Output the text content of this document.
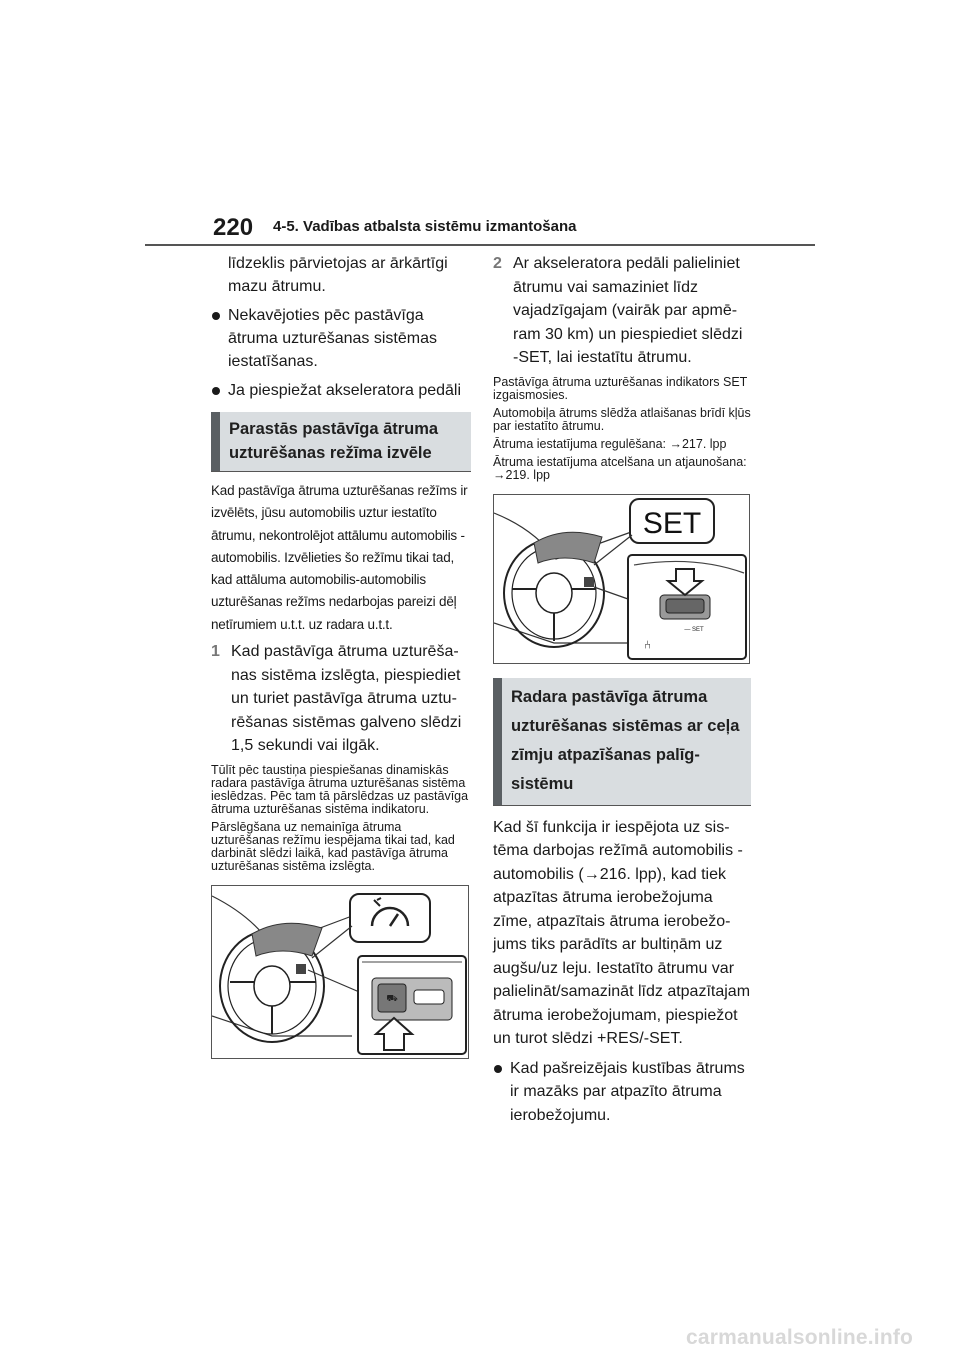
220 4-5. Vadības atbalsta sistēmu izmantošana

līdzeklis pārvietojas ar ārkārtīgi mazu ātrumu.

Nekavējoties pēc pastāvīga ātruma uzturēšanas sistēmas iestatīšanas.
Ja piespiežat akseleratora pedāli
Parastās pastāvīga ātruma uzturēšanas režīma izvēle

Kad pastāvīga ātruma uzturēšanas režīms ir izvēlēts, jūsu automobilis uztur iestatīto ātrumu, nekontrolējot attālumu automobilis - automobilis. Izvēlieties šo režīmu tikai tad, kad attāluma automobilis-automobilis uzturēšanas režīms nedarbojas pareizi dēļ netīrumiem u.t.t. uz radara u.t.t.

1 Kad pastāvīga ātruma uzturēšanas sistēma izslēgta, piespiediet un turiet pastāvīga ātruma uzturēšanas sistēmas galveno slēdzi 1,5 sekundi vai ilgāk.

Tūlīt pēc taustiņa piespiešanas dinamiskās radara pastāvīga ātruma uzturēšanas sistēma ieslēdzas. Pēc tam tā pārslēdzas uz pastāvīga ātruma uzturēšanas sistēma indikatoru.

Pārslēgšana uz nemainīga ātruma uzturēšanas režīmu iespējama tikai tad, kad darbināt slēdzi laikā, kad pastāvīga ātruma uzturēšanas sistēma izslēgta.

⛟
2 Ar akseleratora pedāli palieliniet ātrumu vai samaziniet līdz vajadzīgajam (vairāk par apmēram 30 km) un piespiediet slēdzi -SET, lai iestatītu ātrumu.

Pastāvīga ātruma uzturēšanas indikators SET izgaismosies.

Automobiļa ātrums slēdža atlaišanas brīdī kļūs par iestatīto ātrumu.

Ātruma iestatījuma regulēšana: →217. lpp

Ātruma iestatījuma atcelšana un atjaunošana: →219. lpp

SET
— SET
⑃
Radara pastāvīga ātruma uzturēšanas sistēmas ar ceļa zīmju atpazīšanas palīgsistēmu

Kad šī funkcija ir iespējota uz sistēma darbojas režīmā automobilis - automobilis (→216. lpp), kad tiek atpazītas ātruma ierobežojuma zīme, atpazītais ātruma ierobežojums tiks parādīts ar bultiņām uz augšu/uz leju. Iestatīto ātrumu var palielināt/samazināt līdz atpazītajam ātruma ierobežojumam, piespiežot un turot slēdzi +RES/-SET.

Kad pašreizējais kustības ātrums ir mazāks par atpazīto ātruma ierobežojumu.
carmanualsonline.info
